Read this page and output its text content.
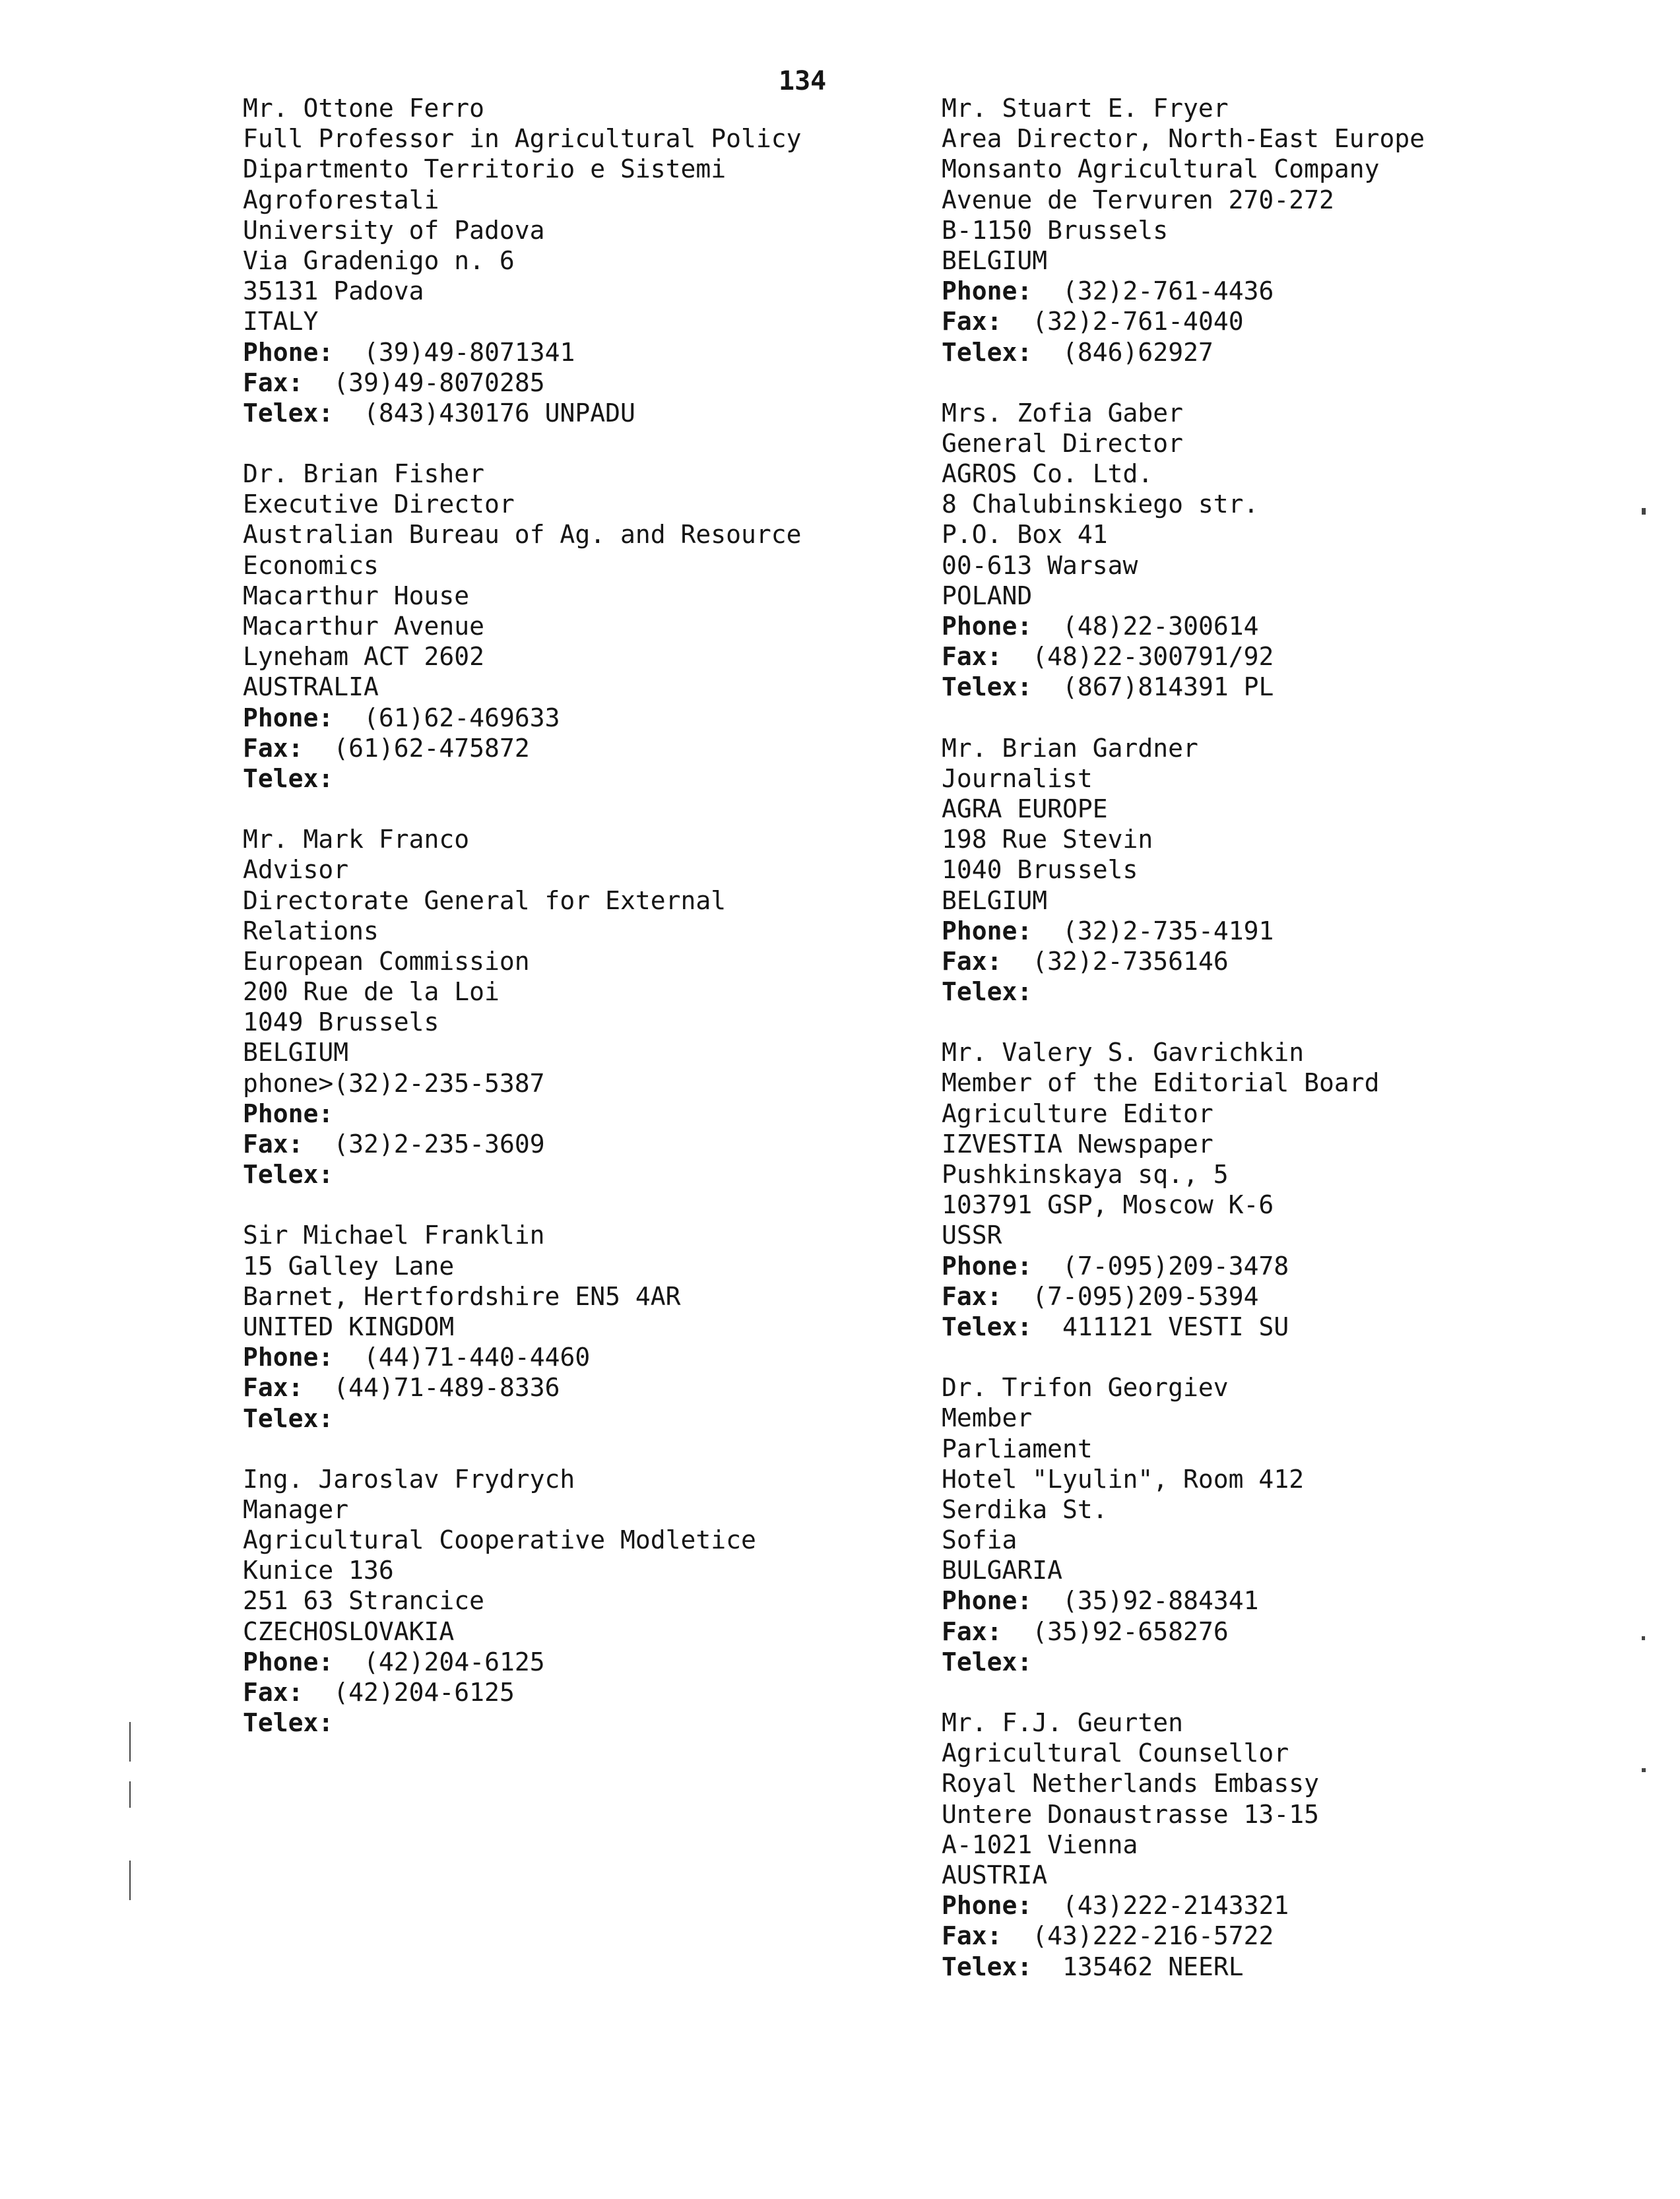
134
Mr. Ottone Ferro
Full Professor in Agricultural Policy
Dipartmento Territorio e Sistemi
Agroforestali
University of Padova
Via Gradenigo n. 6
35131 Padova
ITALY
Phone: (39)49-8071341
Fax: (39)49-8070285
Telex: (843)430176 UNPADU
Dr. Brian Fisher
Executive Director
Australian Bureau of Ag. and Resource
Economics
Macarthur House
Macarthur Avenue
Lyneham ACT 2602
AUSTRALIA
Phone: (61)62-469633
Fax: (61)62-475872
Telex:
Mr. Mark Franco
Advisor
Directorate General for External
Relations
European Commission
200 Rue de la Loi
1049 Brussels
BELGIUM
phone>(32)2-235-5387
Phone:
Fax: (32)2-235-3609
Telex:
Sir Michael Franklin
15 Galley Lane
Barnet, Hertfordshire EN5 4AR
UNITED KINGDOM
Phone: (44)71-440-4460
Fax: (44)71-489-8336
Telex:
Ing. Jaroslav Frydrych
Manager
Agricultural Cooperative Modletice
Kunice 136
251 63 Strancice
CZECHOSLOVAKIA
Phone: (42)204-6125
Fax: (42)204-6125
Telex:
Mr. Stuart E. Fryer
Area Director, North-East Europe
Monsanto Agricultural Company
Avenue de Tervuren 270-272
B-1150 Brussels
BELGIUM
Phone: (32)2-761-4436
Fax: (32)2-761-4040
Telex: (846)62927
Mrs. Zofia Gaber
General Director
AGROS Co. Ltd.
8 Chalubinskiego str.
P.O. Box 41
00-613 Warsaw
POLAND
Phone: (48)22-300614
Fax: (48)22-300791/92
Telex: (867)814391 PL
Mr. Brian Gardner
Journalist
AGRA EUROPE
198 Rue Stevin
1040 Brussels
BELGIUM
Phone: (32)2-735-4191
Fax: (32)2-7356146
Telex:
Mr. Valery S. Gavrichkin
Member of the Editorial Board
Agriculture Editor
IZVESTIA Newspaper
Pushkinskaya sq., 5
103791 GSP, Moscow K-6
USSR
Phone: (7-095)209-3478
Fax: (7-095)209-5394
Telex: 411121 VESTI SU
Dr. Trifon Georgiev
Member
Parliament
Hotel "Lyulin", Room 412
Serdika St.
Sofia
BULGARIA
Phone: (35)92-884341
Fax: (35)92-658276
Telex:
Mr. F.J. Geurten
Agricultural Counsellor
Royal Netherlands Embassy
Untere Donaustrasse 13-15
A-1021 Vienna
AUSTRIA
Phone: (43)222-2143321
Fax: (43)222-216-5722
Telex: 135462 NEERL
